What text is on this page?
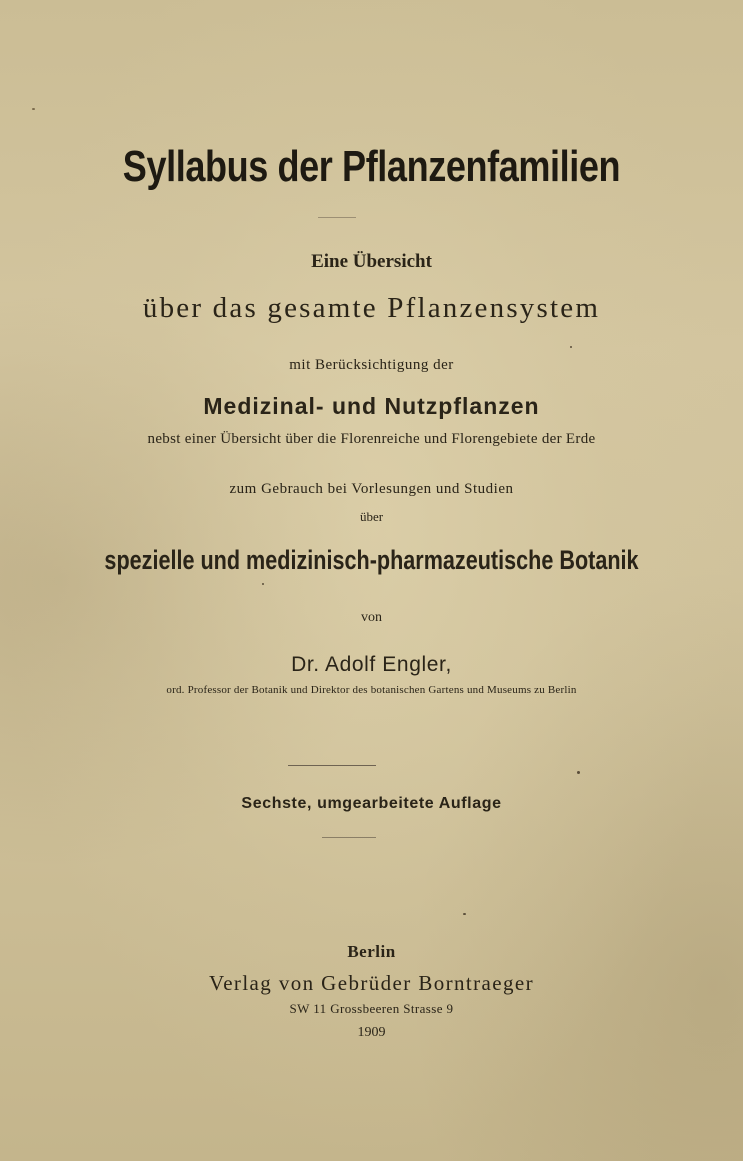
Syllabus der Pflanzenfamilien
Eine Übersicht
über das gesamte Pflanzensystem
mit Berücksichtigung der
Medizinal- und Nutzpflanzen
nebst einer Übersicht über die Florenreiche und Florengebiete der Erde
zum Gebrauch bei Vorlesungen und Studien
über
spezielle und medizinisch-pharmazeutische Botanik
von
Dr. Adolf Engler,
ord. Professor der Botanik und Direktor des botanischen Gartens und Museums zu Berlin
Sechste, umgearbeitete Auflage
Berlin
Verlag von Gebrüder Borntraeger
SW 11 Grossbeeren Strasse 9
1909
